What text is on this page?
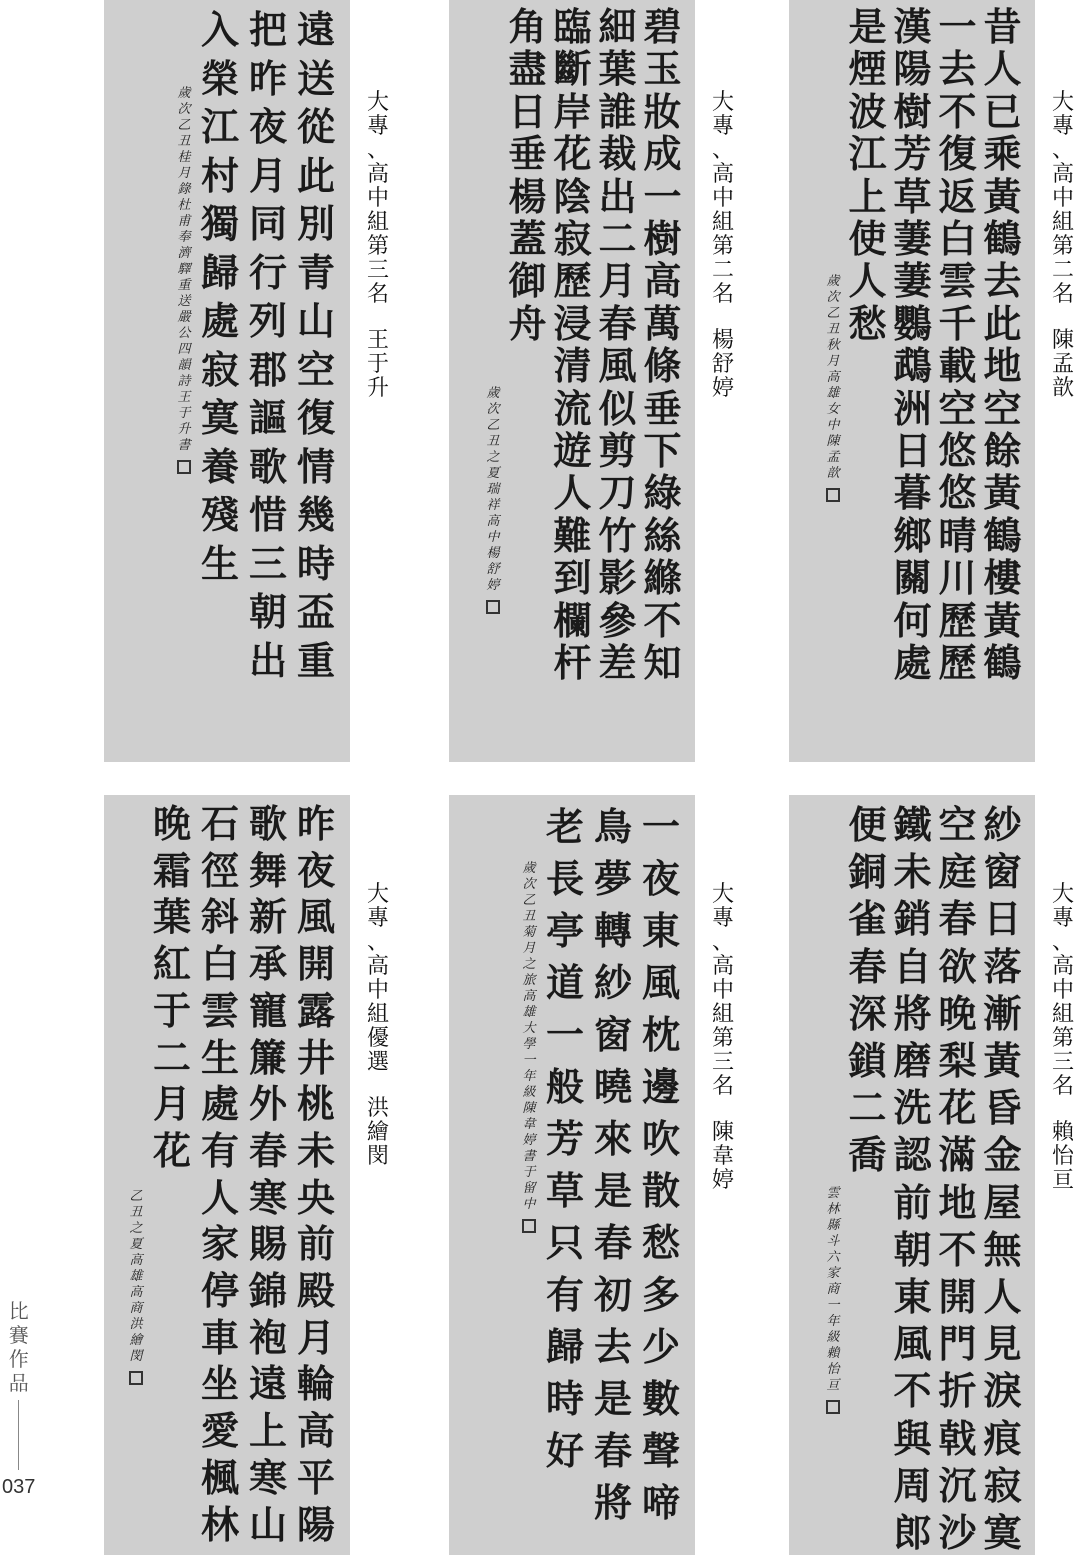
昔
人
已
乘
黃
鶴
去
此
地
空
餘
黃
鶴
樓
黃
鶴
一
去
不
復
返
白
雲
千
載
空
悠
悠
晴
川
歷
歷
漢
陽
樹
芳
草
萋
萋
鸚
鵡
洲
日
暮
鄉
關
何
處
是
煙
波
江
上
使
人
愁
歲
次
乙
丑
秋
月
高
雄
女
中
陳
孟
歆
碧
玉
妝
成
一
樹
高
萬
條
垂
下
綠
絲
縧
不
知
細
葉
誰
裁
出
二
月
春
風
似
剪
刀
竹
影
參
差
臨
斷
岸
花
陰
寂
歷
浸
清
流
遊
人
難
到
欄
杆
角
盡
日
垂
楊
蓋
御
舟
歲
次
乙
丑
之
夏
瑞
祥
高
中
楊
舒
婷
遠
送
從
此
別
青
山
空
復
情
幾
時
盃
重
把
昨
夜
月
同
行
列
郡
謳
歌
惜
三
朝
出
入
榮
江
村
獨
歸
處
寂
寞
養
殘
生
歲
次
乙
丑
桂
月
錄
杜
甫
奉
濟
驛
重
送
嚴
公
四
韻
詩
王
于
升
書
紗
窗
日
落
漸
黃
昏
金
屋
無
人
見
淚
痕
寂
寞
空
庭
春
欲
晚
梨
花
滿
地
不
開
門
折
戟
沉
沙
鐵
未
銷
自
將
磨
洗
認
前
朝
東
風
不
與
周
郎
便
銅
雀
春
深
鎖
二
喬
雲
林
縣
斗
六
家
商
一
年
級
賴
怡
亘
一
夜
東
風
枕
邊
吹
散
愁
多
少
數
聲
啼
鳥
夢
轉
紗
窗
曉
來
是
春
初
去
是
春
將
老
長
亭
道
一
般
芳
草
只
有
歸
時
好
歲
次
乙
丑
菊
月
之
旅
高
雄
大
學
一
年
級
陳
韋
婷
書
于
留
中
昨
夜
風
開
露
井
桃
未
央
前
殿
月
輪
高
平
陽
歌
舞
新
承
寵
簾
外
春
寒
賜
錦
袍
遠
上
寒
山
石
徑
斜
白
雲
生
處
有
人
家
停
車
坐
愛
楓
林
晚
霜
葉
紅
于
二
月
花
乙
丑
之
夏
高
雄
高
商
洪
繪
閔
大
專
、
高
中
組
第
二
名
陳
孟
歆
大
專
、
高
中
組
第
二
名
楊
舒
婷
大
專
、
高
中
組
第
三
名
王
于
升
大
專
、
高
中
組
第
三
名
賴
怡
亘
大
專
、
高
中
組
第
三
名
陳
韋
婷
大
專
、
高
中
組
優
選
洪
繪
閔
比
賽
作
品
037
